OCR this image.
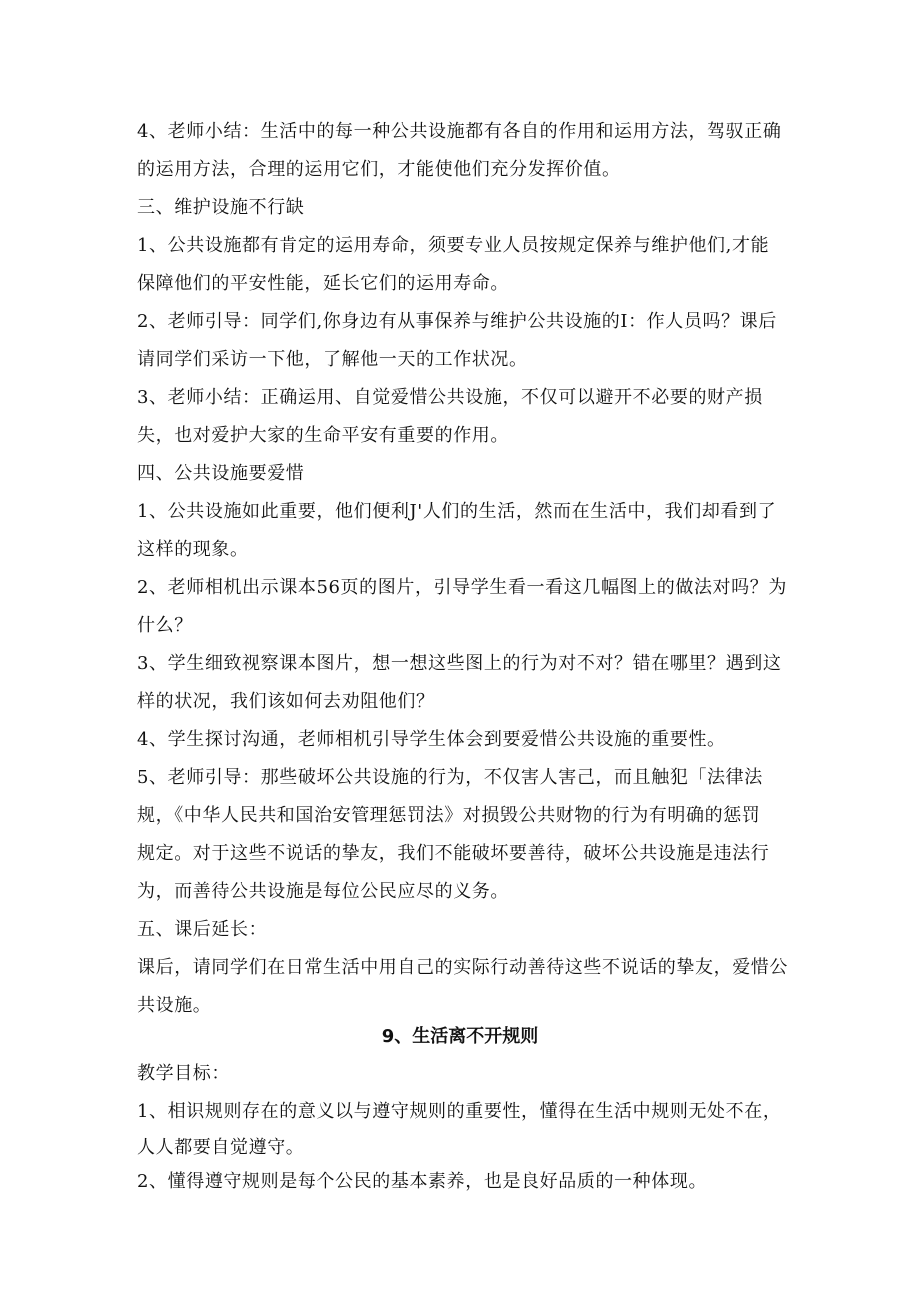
4、老师小结：生活中的每一种公共设施都有各自的作用和运用方法，驾驭正确
的运用方法，合理的运用它们，才能使他们充分发挥价值。
三、维护设施不行缺
1、公共设施都有肯定的运用寿命，须要专业人员按规定保养与维护他们,才能
保障他们的平安性能，延长它们的运用寿命。
2、老师引导：同学们,你身边有从事保养与维护公共设施的I：作人员吗？课后
请同学们采访一下他，了解他一天的工作状况。
3、老师小结：正确运用、自觉爱惜公共设施，不仅可以避开不必要的财产损
失，也对爱护大家的生命平安有重要的作用。
四、公共设施要爱惜
1、公共设施如此重要，他们便利J'人们的生活，然而在生活中，我们却看到了
这样的现象。
2、老师相机出示课本56页的图片，引导学生看一看这几幅图上的做法对吗？为
什么？
3、学生细致视察课本图片，想一想这些图上的行为对不对？错在哪里？遇到这
样的状况，我们该如何去劝阻他们？
4、学生探讨沟通，老师相机引导学生体会到要爱惜公共设施的重要性。
5、老师引导：那些破坏公共设施的行为，不仅害人害己，而且触犯「法律法
规，《中华人民共和国治安管理惩罚法》对损毁公共财物的行为有明确的惩罚
规定。对于这些不说话的挚友，我们不能破坏要善待，破坏公共设施是违法行
为，而善待公共设施是每位公民应尽的义务。
五、课后延长：
课后，请同学们在日常生活中用自己的实际行动善待这些不说话的挚友，爱惜公
共设施。
9、生活离不开规则
教学目标：
1、相识规则存在的意义以与遵守规则的重要性，懂得在生活中规则无处不在，
人人都要自觉遵守。
2、懂得遵守规则是每个公民的基本素养，也是良好品质的一种体现。
